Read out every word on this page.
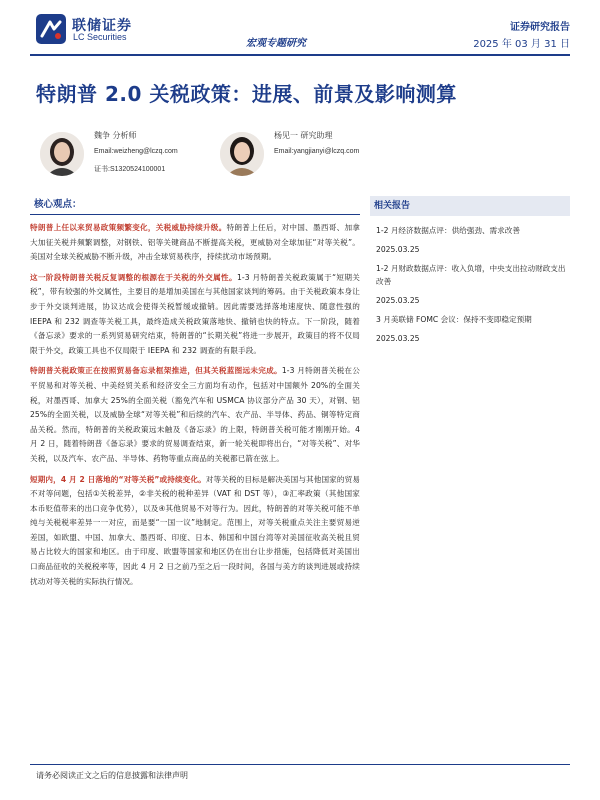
联储证券
LC Securities
宏观专题研究
证券研究报告
2025 年 03 月 31 日
特朗普 2.0 关税政策：进展、前景及影响测算
魏争 分析师
Email:weizheng@lczq.com
证书:S1320524100001
杨见一 研究助理
Email:yangjianyi@lczq.com
核心观点：

特朗普上任以来贸易政策频繁变化，关税威胁持续升级。特朗普上任后，对中国、墨西哥、加拿大加征关税并频繁调整，对钢铁、铝等关键商品不断提高关税，更威胁对全球加征“对等关税”。美国对全球关税威胁不断升级，冲击全球贸易秩序，持续扰动市场预期。

这一阶段特朗普关税反复调整的根源在于关税的外交属性。1-3 月特朗普关税政策属于“短期关税”，带有较强的外交属性，主要目的是增加美国在与其他国家谈判的筹码。由于关税政策本身让步于外交谈判进展，协议达成会使得关税暂缓或撤销。因此需要选择落地速度快、随意性强的 IEEPA 和 232 调查等关税工具，最终造成关税政策落地快、撤销也快的特点。下一阶段，随着《备忘录》要求的一系列贸易研究结束，特朗普的“长期关税”将进一步展开，政策目的将不仅局限于外交，政策工具也不仅局限于 IEEPA 和 232 调查的有限手段。

特朗普关税政策正在按照贸易备忘录框架推进，但其关税蓝图远未完成。1-3 月特朗普关税在公平贸易和对等关税、中美经贸关系和经济安全三方面均有动作，包括对中国额外 20%的全面关税，对墨西哥、加拿大 25%的全面关税（豁免汽车和 USMCA 协议部分产品 30 天），对钢、铝 25%的全面关税，以及威胁全球“对等关税”和后续的汽车、农产品、半导体、药品、铜等特定商品关税。然而，特朗普的关税政策远未触及《备忘录》的上限，特朗普关税可能才刚刚开始。4 月 2 日，随着特朗普《备忘录》要求的贸易调查结束，新一轮关税即将出台，“对等关税”、对华关税，以及汽车、农产品、半导体、药物等重点商品的关税都已箭在弦上。

短期内，4 月 2 日落地的“对等关税”或持续变化。对等关税的目标是解决美国与其他国家的贸易不对等问题，包括①关税差异，②非关税的税种差异（VAT 和 DST 等），③汇率政策（其他国家本币贬值带来的出口竞争优势），以及④其他贸易不对等行为。因此，特朗普的对等关税可能不单纯与关税税率差异一一对应，而是要“一国一议”地制定。范围上，对等关税重点关注主要贸易逆差国，如欧盟、中国、加拿大、墨西哥、印度、日本、韩国和中国台湾等对美国征收高关税且贸易占比较大的国家和地区。由于印度、欧盟等国家和地区仍在出台让步措施，包括降低对美国出口商品征收的关税税率等，因此 4 月 2 日之前乃至之后一段时间，各国与美方的谈判进展或持续扰动对等关税的实际执行情况。

相关报告
1-2 月经济数据点评：供给强劲、需求改善
2025.03.25
1-2 月财政数据点评：收入负增，中央支出拉动财政支出改善
2025.03.25
3 月美联储 FOMC 会议：保持不变即稳定预期
2025.03.25
请务必阅读正文之后的信息披露和法律声明
